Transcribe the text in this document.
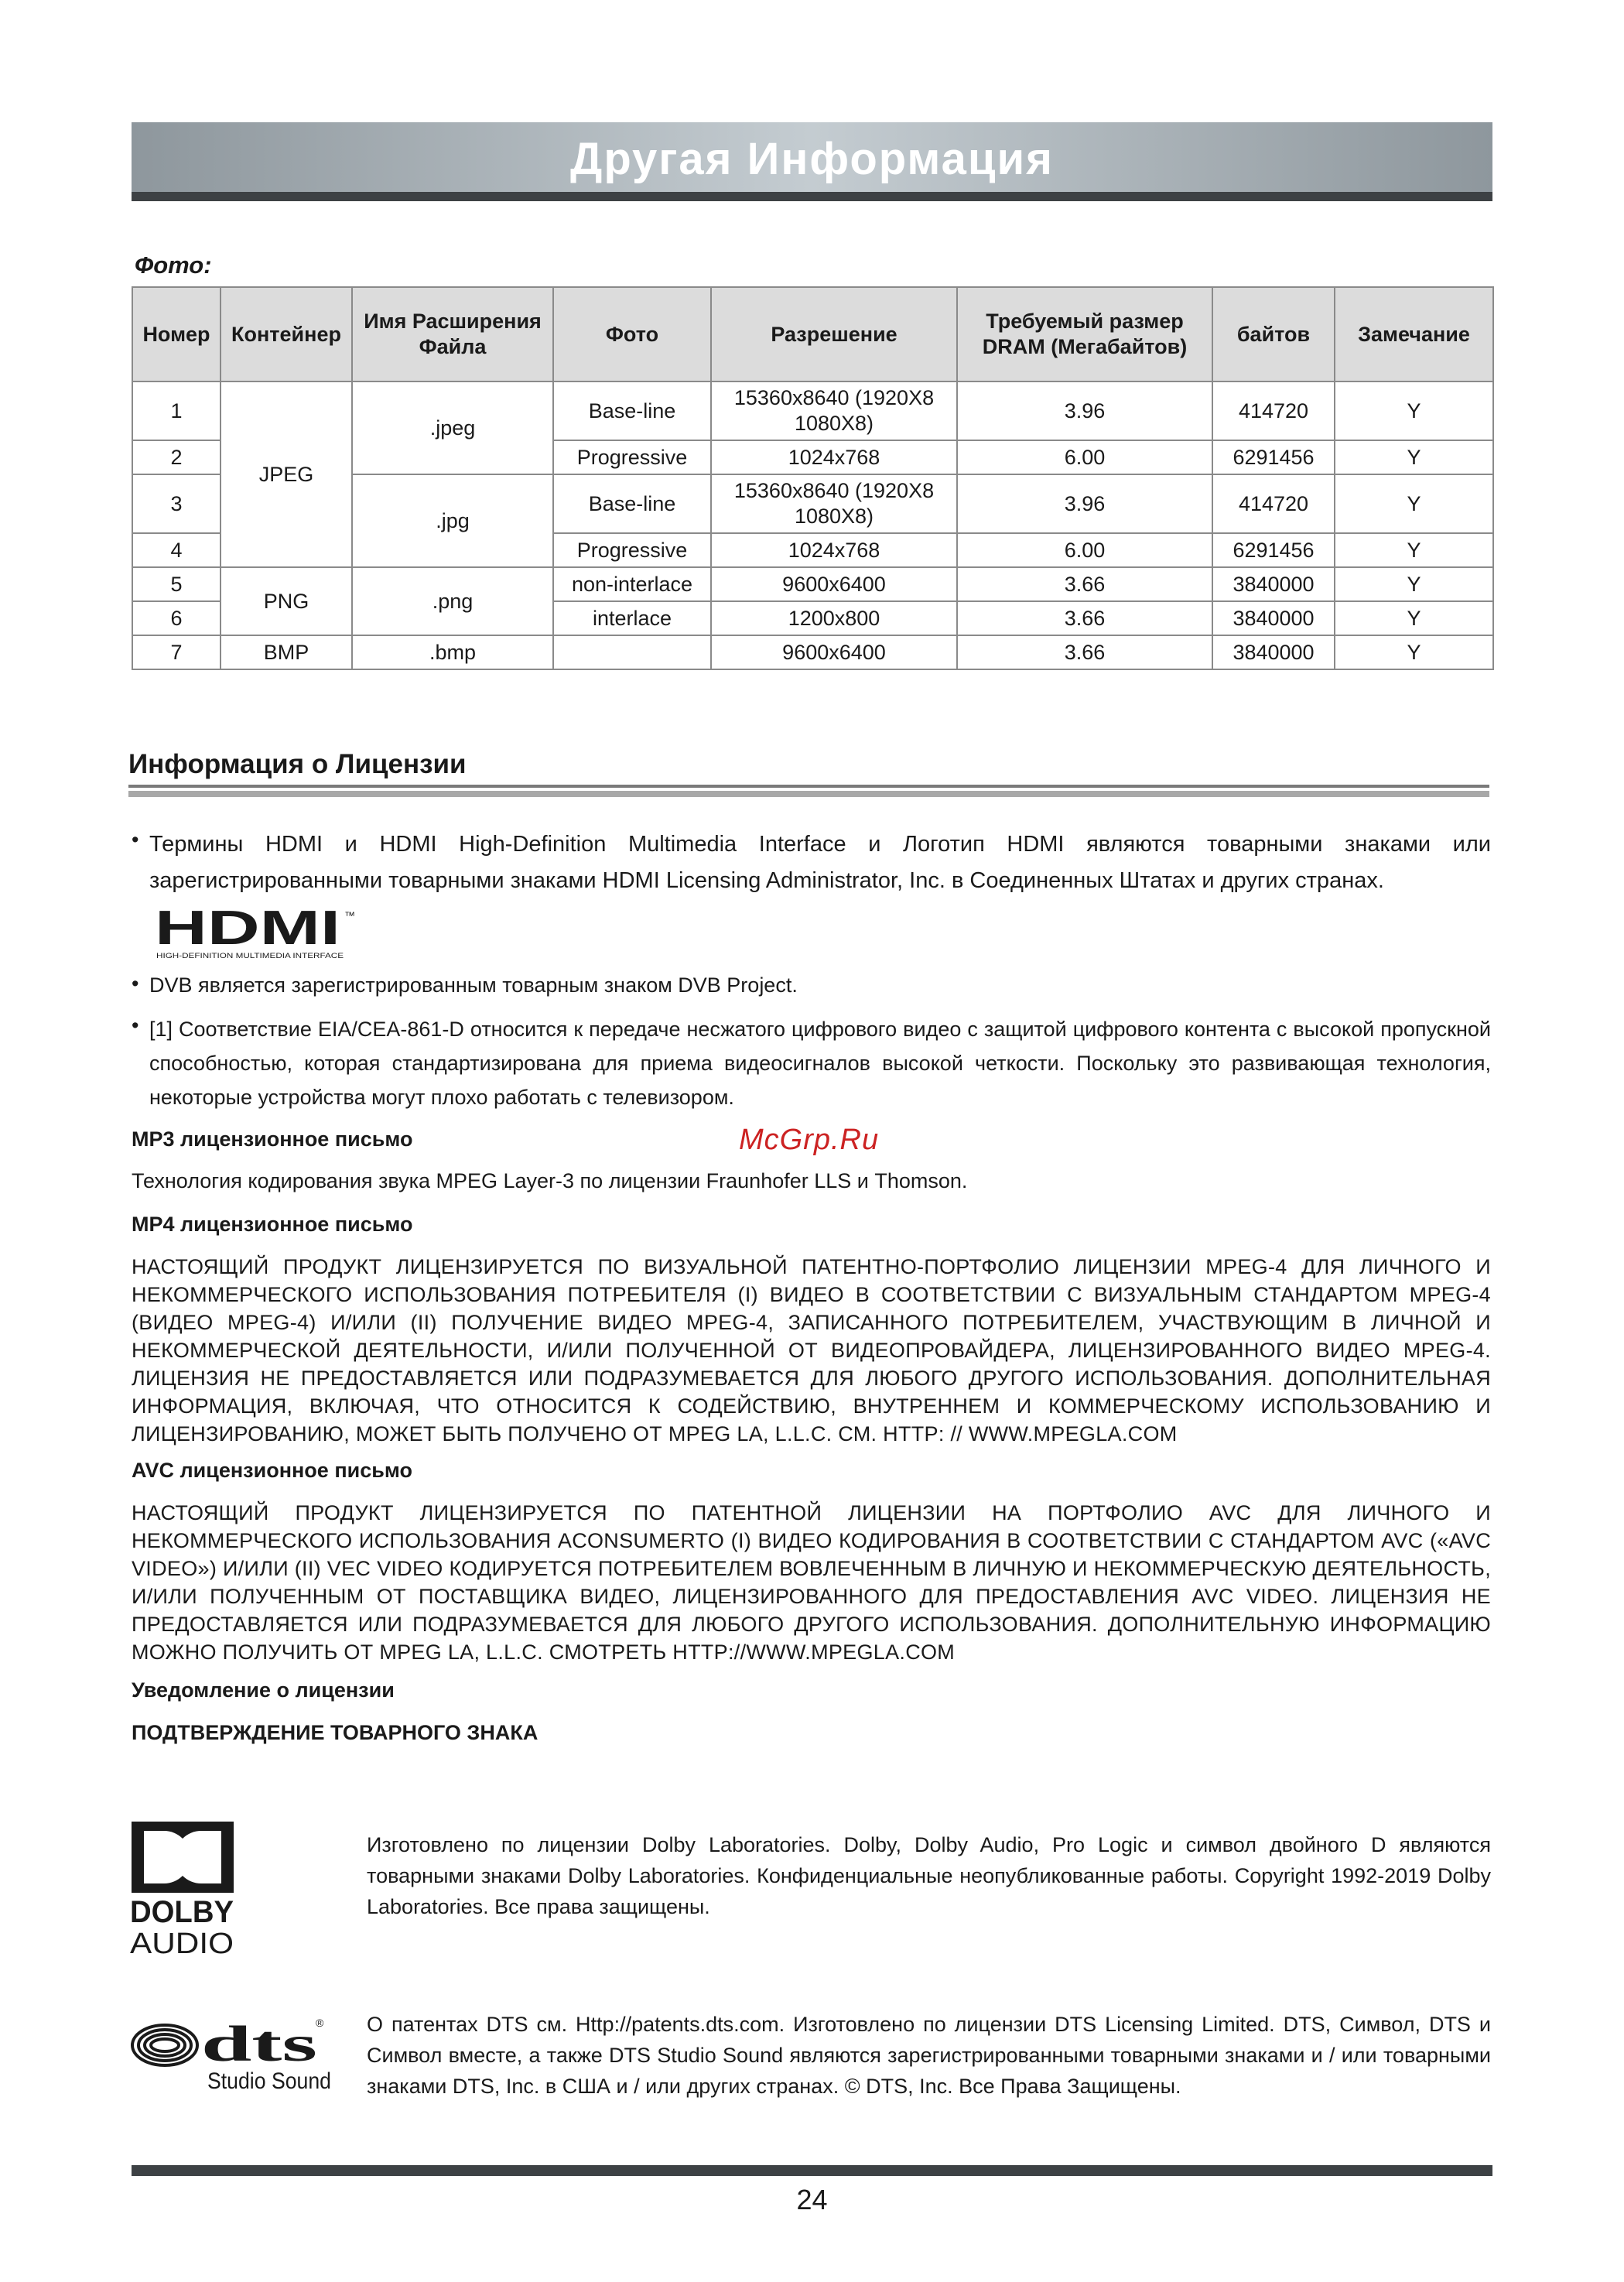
Другая Информация
Фото:
Номер	Контейнер	Имя Расширения Файла	Фото	Разрешение	Требуемый размер DRAM (Мегабайтов)	байтов	Замечание
1	JPEG	.jpeg	Base-line	15360x8640 (1920X8 1080X8)	3.96	414720	Y
2			Progressive	1024x768	6.00	6291456	Y
3		.jpg	Base-line	15360x8640 (1920X8 1080X8)	3.96	414720	Y
4			Progressive	1024x768	6.00	6291456	Y
5	PNG	.png	non-interlace	9600x6400	3.66	3840000	Y
6			interlace	1200x800	3.66	3840000	Y
7	BMP	.bmp		9600x6400	3.66	3840000	Y
Информация о Лицензии
• Термины HDMI и HDMI High-Definition Multimedia Interface и Логотип HDMI являются товарными знаками или зарегистрированными товарными знаками HDMI Licensing Administrator, Inc. в Соединенных Штатах и других странах.
HDMI ™
HIGH-DEFINITION MULTIMEDIA INTERFACE
• DVB является зарегистрированным товарным знаком DVB Project.
• [1] Соответствие EIA/CEA-861-D относится к передаче несжатого цифрового видео с защитой цифрового контента с высокой пропускной способностью, которая стандартизирована для приема видеосигналов высокой четкости. Поскольку это развивающая технология, некоторые устройства могут плохо работать с телевизором.
MP3 лицензионное письмо	McGrp.Ru
Технология кодирования звука MPEG Layer-3 по лицензии Fraunhofer LLS и Thomson.
MP4 лицензионное письмо
НАСТОЯЩИЙ ПРОДУКТ ЛИЦЕНЗИРУЕТСЯ ПО ВИЗУАЛЬНОЙ ПАТЕНТНО-ПОРТФОЛИО ЛИЦЕНЗИИ MPEG-4 ДЛЯ ЛИЧНОГО И НЕКОММЕРЧЕСКОГО ИСПОЛЬЗОВАНИЯ ПОТРЕБИТЕЛЯ (I) ВИДЕО В СООТВЕТСТВИИ С ВИЗУАЛЬНЫМ СТАНДАРТОМ MPEG-4 (ВИДЕО MPEG-4) И/ИЛИ (II) ПОЛУЧЕНИЕ ВИДЕО MPEG-4, ЗАПИСАННОГО ПОТРЕБИТЕЛЕМ, УЧАСТВУЮЩИМ В ЛИЧНОЙ И НЕКОММЕРЧЕСКОЙ ДЕЯТЕЛЬНОСТИ, И/ИЛИ ПОЛУЧЕННОЙ ОТ ВИДЕОПРОВАЙДЕРА, ЛИЦЕНЗИРОВАННОГО ВИДЕО MPEG-4. ЛИЦЕНЗИЯ НЕ ПРЕДОСТАВЛЯЕТСЯ ИЛИ ПОДРАЗУМЕВАЕТСЯ ДЛЯ ЛЮБОГО ДРУГОГО ИСПОЛЬЗОВАНИЯ. ДОПОЛНИТЕЛЬНАЯ ИНФОРМАЦИЯ, ВКЛЮЧАЯ, ЧТО ОТНОСИТСЯ К СОДЕЙСТВИЮ, ВНУТРЕННЕМ И КОММЕРЧЕСКОМУ ИСПОЛЬЗОВАНИЮ И ЛИЦЕНЗИРОВАНИЮ, МОЖЕТ БЫТЬ ПОЛУЧЕНО ОТ MPEG LA, L.L.C. СМ. HTTP: // WWW.MPEGLA.COM
AVC лицензионное письмо
НАСТОЯЩИЙ ПРОДУКТ ЛИЦЕНЗИРУЕТСЯ ПО ПАТЕНТНОЙ ЛИЦЕНЗИИ НА ПОРТФОЛИО AVC ДЛЯ ЛИЧНОГО И НЕКОММЕРЧЕСКОГО ИСПОЛЬЗОВАНИЯ ACONSUMERTO (I) ВИДЕО КОДИРОВАНИЯ В СООТВЕТСТВИИ С СТАНДАРТОМ AVC («AVC VIDEO») И/ИЛИ (II) VEC VIDEO КОДИРУЕТСЯ ПОТРЕБИТЕЛЕМ ВОВЛЕЧЕННЫМ В ЛИЧНУЮ И НЕКОММЕРЧЕСКУЮ ДЕЯТЕЛЬНОСТЬ, И/ИЛИ ПОЛУЧЕННЫМ ОТ ПОСТАВЩИКА ВИДЕО, ЛИЦЕНЗИРОВАННОГО ДЛЯ ПРЕДОСТАВЛЕНИЯ AVC VIDEO. ЛИЦЕНЗИЯ НЕ ПРЕДОСТАВЛЯЕТСЯ ИЛИ ПОДРАЗУМЕВАЕТСЯ ДЛЯ ЛЮБОГО ДРУГОГО ИСПОЛЬЗОВАНИЯ. ДОПОЛНИТЕЛЬНУЮ ИНФОРМАЦИЮ МОЖНО ПОЛУЧИТЬ ОТ MPEG LA, L.L.C. СМОТРЕТЬ HTTP://WWW.MPEGLA.COM
Уведомление о лицензии
ПОДТВЕРЖДЕНИЕ ТОВАРНОГО ЗНАКА
DOLBY
AUDIO
Изготовлено по лицензии Dolby Laboratories. Dolby, Dolby Audio, Pro Logic и символ двойного D являются товарными знаками Dolby Laboratories. Конфиденциальные неопубликованные работы. Copyright 1992-2019 Dolby Laboratories. Все права защищены.
dts
®
Studio Sound
О патентах DTS см. Http://patents.dts.com. Изготовлено по лицензии DTS Licensing Limited. DTS, Символ, DTS и Символ вместе, а также DTS Studio Sound являются зарегистрированными товарными знаками и / или товарными знаками DTS, Inc. в США и / или других странах. © DTS, Inc. Все Права Защищены.
24
